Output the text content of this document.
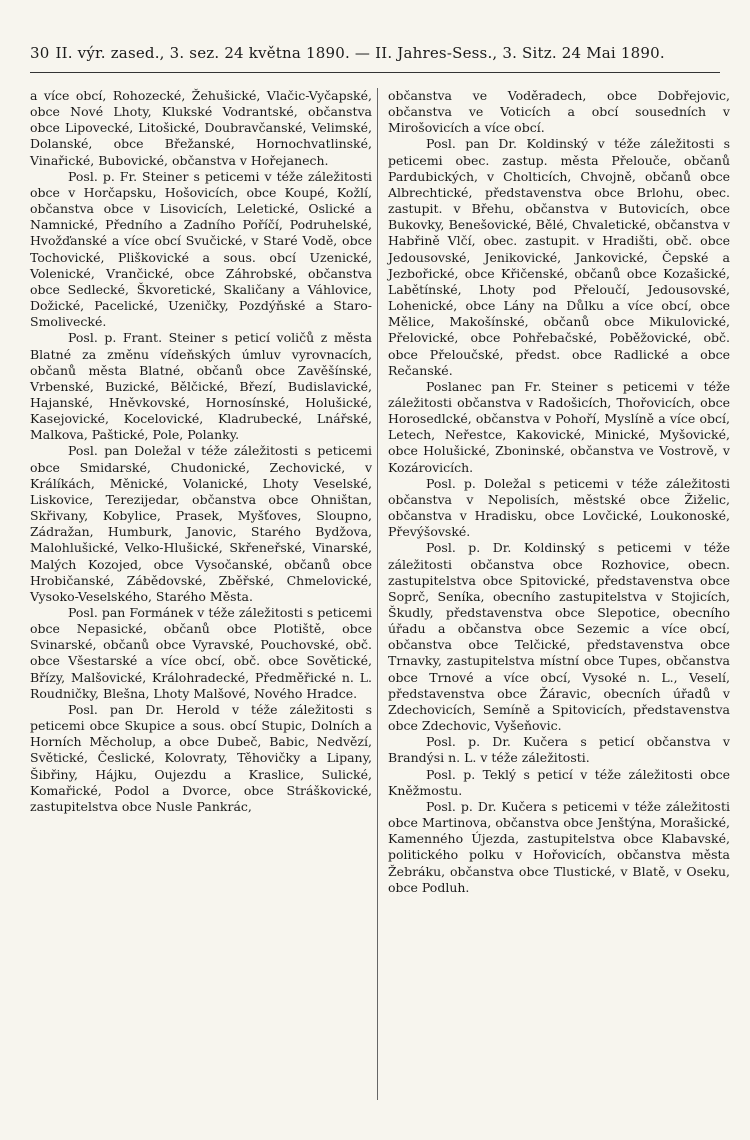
30 II. výr. zased., 3. sez. 24 května 1890. — II. Jahres-Sess., 3. Sitz. 24 Mai 1890.

a více obcí, Rohozecké, Žehušické, Vlačic-Vyčapské, obce Nové Lhoty, Klukské Vodrantské, občanstva obce Lipovecké, Litošické, Doubravčanské, Velimské, Dolanské, obce Břežanské, Hornochvatlinské, Vinařické, Bubovické, občanstva v Hořejanech.

Posl. p. Fr. Steiner s peticemi v téže záležitosti obce v Horčapsku, Hošovicích, obce Koupé, Kožlí, občanstva obce v Lisovicích, Leletické, Oslické a Namnické, Předního a Zadního Poříčí, Podruhelské, Hvožďanské a více obcí Svučické, v Staré Vodě, obce Tochovické, Pliškovické a sous. obcí Uzenické, Volenické, Vrančické, obce Záhrobské, občanstva obce Sedlecké, Škvoretické, Skaličany a Váhlovice, Dožické, Pacelické, Uzeničky, Pozdýňské a Staro-Smolivecké.

Posl. p. Frant. Steiner s peticí voličů z města Blatné za změnu vídeňských úmluv vyrovnacích, občanů města Blatné, občanů obce Zavěšínské, Vrbenské, Buzické, Bělčické, Březí, Budislavické, Hajanské, Hněvkovské, Hornosínské, Holušické, Kasejovické, Kocelovické, Kladrubecké, Lnářské, Malkova, Paštické, Pole, Polanky.

Posl. pan Doležal v téže záležitosti s peticemi obce Smidarské, Chudonické, Zechovické, v Králíkách, Měnické, Volanické, Lhoty Veselské, Liskovice, Terezijedar, občanstva obce Ohništan, Skřivany, Kobylice, Prasek, Myšťoves, Sloupno, Zádražan, Humburk, Janovic, Starého Bydžova, Malohlušické, Velko-Hlušické, Skřeneřské, Vinarské, Malých Kozojed, obce Vysočanské, občanů obce Hrobičanské, Zábědovské, Zběřské, Chmelovické, Vysoko-Veselského, Starého Města.

Posl. pan Formánek v téže záležitosti s peticemi obce Nepasické, občanů obce Plotiště, obce Svinarské, občanů obce Vyravské, Pouchovské, obč. obce Všestarské a více obcí, obč. obce Sovětické, Břízy, Malšovické, Králohradecké, Předměřické n. L. Roudničky, Blešna, Lhoty Malšové, Nového Hradce.

Posl. pan Dr. Herold v téže záležitosti s peticemi obce Skupice a sous. obcí Stupic, Dolních a Horních Měcholup, a obce Dubeč, Babic, Nedvězí, Světické, Česlické, Kolovraty, Těhovičky a Lipany, Šibřiny, Hájku, Oujezdu a Kraslice, Sulické, Komařické, Podol a Dvorce, obce Stráškovické, zastupitelstva obce Nusle Pankrác,

občanstva ve Voděradech, obce Dobřejovic, občanstva ve Voticích a obcí sousedních v Mirošovicích a více obcí.

Posl. pan Dr. Koldinský v téže záležitosti s peticemi obec. zastup. města Přelouče, občanů Pardubických, v Cholticích, Chvojně, občanů obce Albrechtické, představenstva obce Brlohu, obec. zastupit. v Břehu, občanstva v Butovicích, obce Bukovky, Benešovické, Bělé, Chvaletické, občanstva v Habřině Vlčí, obec. zastupit. v Hradišti, obč. obce Jedousovské, Jenikovické, Jankovické, Čepské a Jezbořické, obce Křičenské, občanů obce Kozašické, Labětínské, Lhoty pod Přeloučí, Jedousovské, Lohenické, obce Lány na Důlku a více obcí, obce Mělice, Makošínské, občanů obce Mikulovické, Přelovické, obce Pohřebačské, Poběžovické, obč. obce Přeloučské, předst. obce Radlické a obce Rečanské.

Poslanec pan Fr. Steiner s peticemi v téže záležitosti občanstva v Radošicích, Thořovicích, obce Horosedlcké, občanstva v Pohoří, Myslíně a více obcí, Letech, Neřestce, Kakovické, Minické, Myšovické, obce Holušické, Zboninské, občanstva ve Vostrově, v Kozárovicích.

Posl. p. Doležal s peticemi v téže záležitosti občanstva v Nepolisích, městské obce Žiželic, občanstva v Hradisku, obce Lovčické, Loukonoské, Převýšovské.

Posl. p. Dr. Koldinský s peticemi v téže záležitosti občanstva obce Rozhovice, obecn. zastupitelstva obce Spitovické, představenstva obce Soprč, Seníka, obecního zastupitelstva v Stojicích, Škudly, představenstva obce Slepotice, obecního úřadu a občanstva obce Sezemic a více obcí, občanstva obce Telčické, představenstva obce Trnavky, zastupitelstva místní obce Tupes, občanstva obce Trnové a více obcí, Vysoké n. L., Veselí, představenstva obce Žáravic, obecních úřadů v Zdechovicích, Semíně a Spitovicích, představenstva obce Zdechovic, Vyšeňovic.

Posl. p. Dr. Kučera s peticí občanstva v Brandýsi n. L. v téže záležitosti.

Posl. p. Teklý s peticí v téže záležitosti obce Kněžmostu.

Posl. p. Dr. Kučera s peticemi v téže záležitosti obce Martinova, občanstva obce Jenštýna, Morašické, Kamenného Újezda, zastupitelstva obce Klabavské, politického polku v Hořovicích, občanstva města Žebráku, občanstva obce Tlustické, v Blatě, v Oseku, obce Podluh.
